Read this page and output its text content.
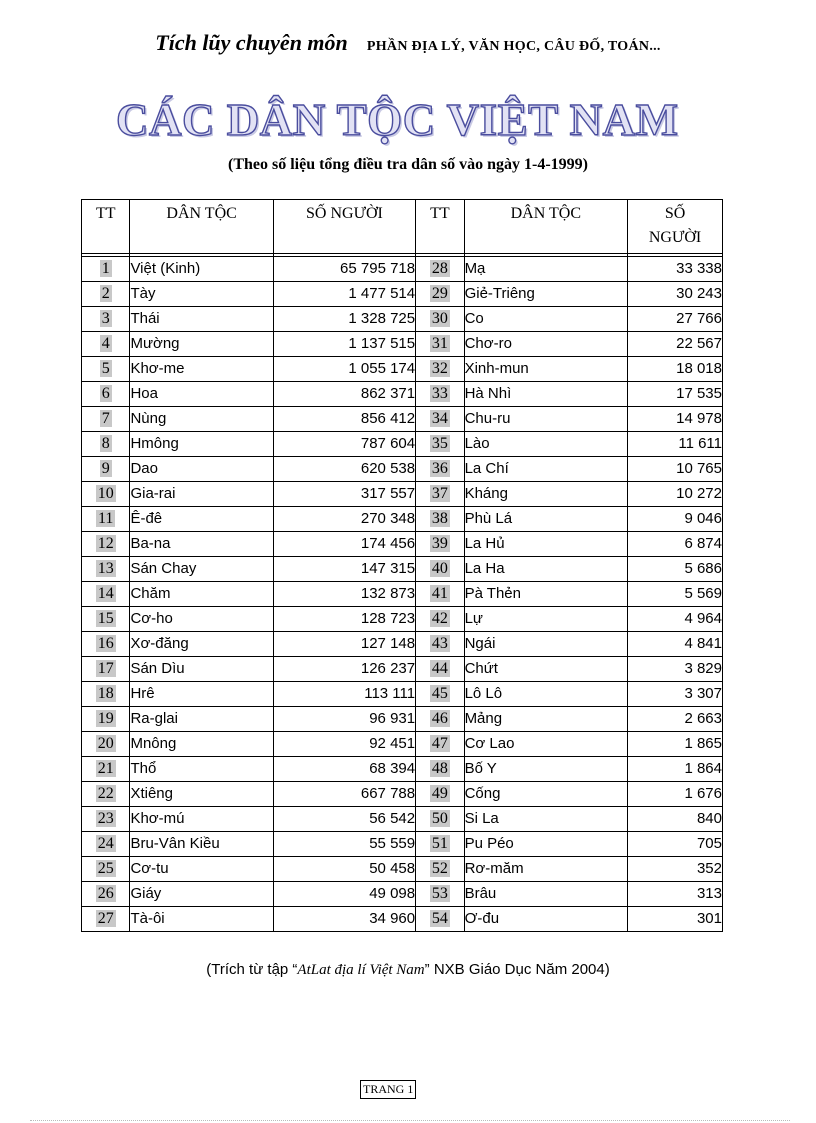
Tích lũy chuyên môn PHẦN ĐỊA LÝ, VĂN HỌC, CÂU ĐỐ, TOÁN...
CÁC DÂN TỘC VIỆT NAM
(Theo số liệu tổng điều tra dân số vào ngày 1-4-1999)
TT	DÂN TỘC	SỐ NGƯỜI	TT	DÂN TỘC	SỐ NGƯỜI

1	Việt (Kinh)	65 795 718	28	Mạ	33 338
2	Tày	1 477 514	29	Giẻ-Triêng	30 243
3	Thái	1 328 725	30	Co	27 766
4	Mường	1 137 515	31	Chơ-ro	22 567
5	Khơ-me	1 055 174	32	Xinh-mun	18 018
6	Hoa	862 371	33	Hà Nhì	17 535
7	Nùng	856 412	34	Chu-ru	14 978
8	Hmông	787 604	35	Lào	11 611
9	Dao	620 538	36	La Chí	10 765
10	Gia-rai	317 557	37	Kháng	10 272
11	Ê-đê	270 348	38	Phù Lá	9 046
12	Ba-na	174 456	39	La Hủ	6 874
13	Sán Chay	147 315	40	La Ha	5 686
14	Chăm	132 873	41	Pà Thẻn	5 569
15	Cơ-ho	128 723	42	Lự	4 964
16	Xơ-đăng	127 148	43	Ngái	4 841
17	Sán Dìu	126 237	44	Chứt	3 829
18	Hrê	113 111	45	Lô Lô	3 307
19	Ra-glai	96 931	46	Mảng	2 663
20	Mnông	92 451	47	Cơ Lao	1 865
21	Thổ	68 394	48	Bố Y	1 864
22	Xtiêng	667 788	49	Cống	1 676
23	Khơ-mú	56 542	50	Si La	840
24	Bru-Vân Kiều	55 559	51	Pu Péo	705
25	Cơ-tu	50 458	52	Rơ-măm	352
26	Giáy	49 098	53	Brâu	313
27	Tà-ôi	34 960	54	Ơ-đu	301
(Trích từ tập “AtLat địa lí Việt Nam” NXB Giáo Dục Năm 2004)
TRANG 1
